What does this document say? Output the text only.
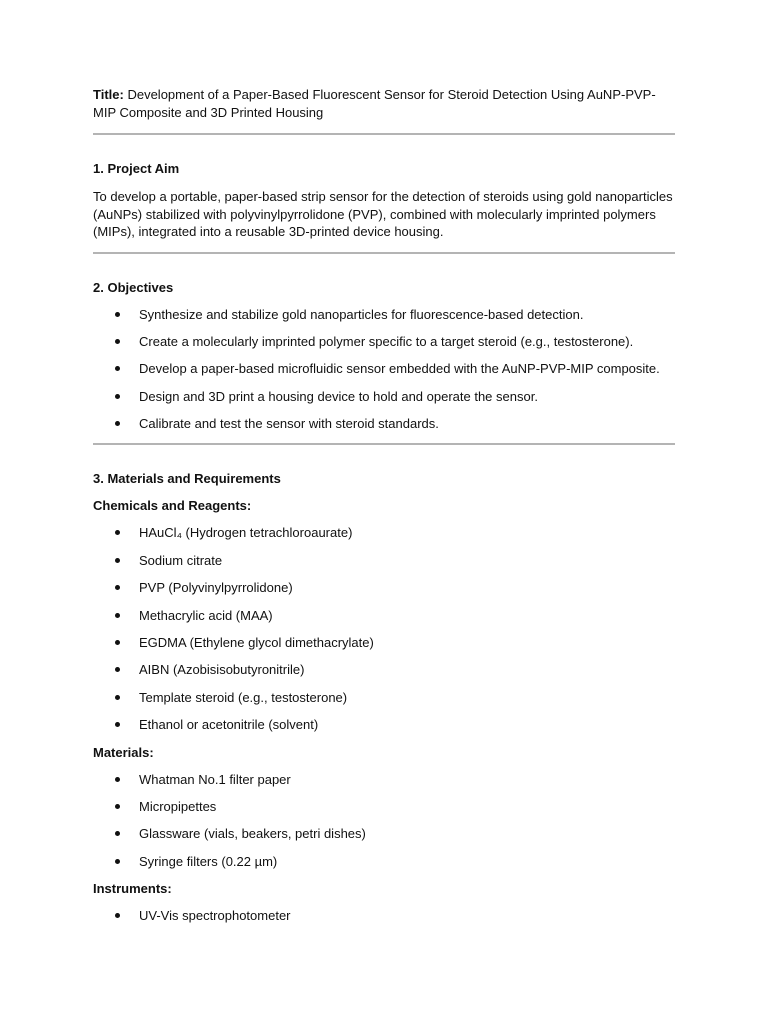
Title: Development of a Paper-Based Fluorescent Sensor for Steroid Detection Using AuNP-PVP-MIP Composite and 3D Printed Housing

1. Project Aim

To develop a portable, paper-based strip sensor for the detection of steroids using gold nanoparticles (AuNPs) stabilized with polyvinylpyrrolidone (PVP), combined with molecularly imprinted polymers (MIPs), integrated into a reusable 3D-printed device housing.

2. Objectives

Synthesize and stabilize gold nanoparticles for fluorescence-based detection.
Create a molecularly imprinted polymer specific to a target steroid (e.g., testosterone).
Develop a paper-based microfluidic sensor embedded with the AuNP-PVP-MIP composite.
Design and 3D print a housing device to hold and operate the sensor.
Calibrate and test the sensor with steroid standards.

3. Materials and Requirements

Chemicals and Reagents:

HAuCl₄ (Hydrogen tetrachloroaurate)
Sodium citrate
PVP (Polyvinylpyrrolidone)
Methacrylic acid (MAA)
EGDMA (Ethylene glycol dimethacrylate)
AIBN (Azobisisobutyronitrile)
Template steroid (e.g., testosterone)
Ethanol or acetonitrile (solvent)

Materials:

Whatman No.1 filter paper
Micropipettes
Glassware (vials, beakers, petri dishes)
Syringe filters (0.22 µm)

Instruments:

UV-Vis spectrophotometer
